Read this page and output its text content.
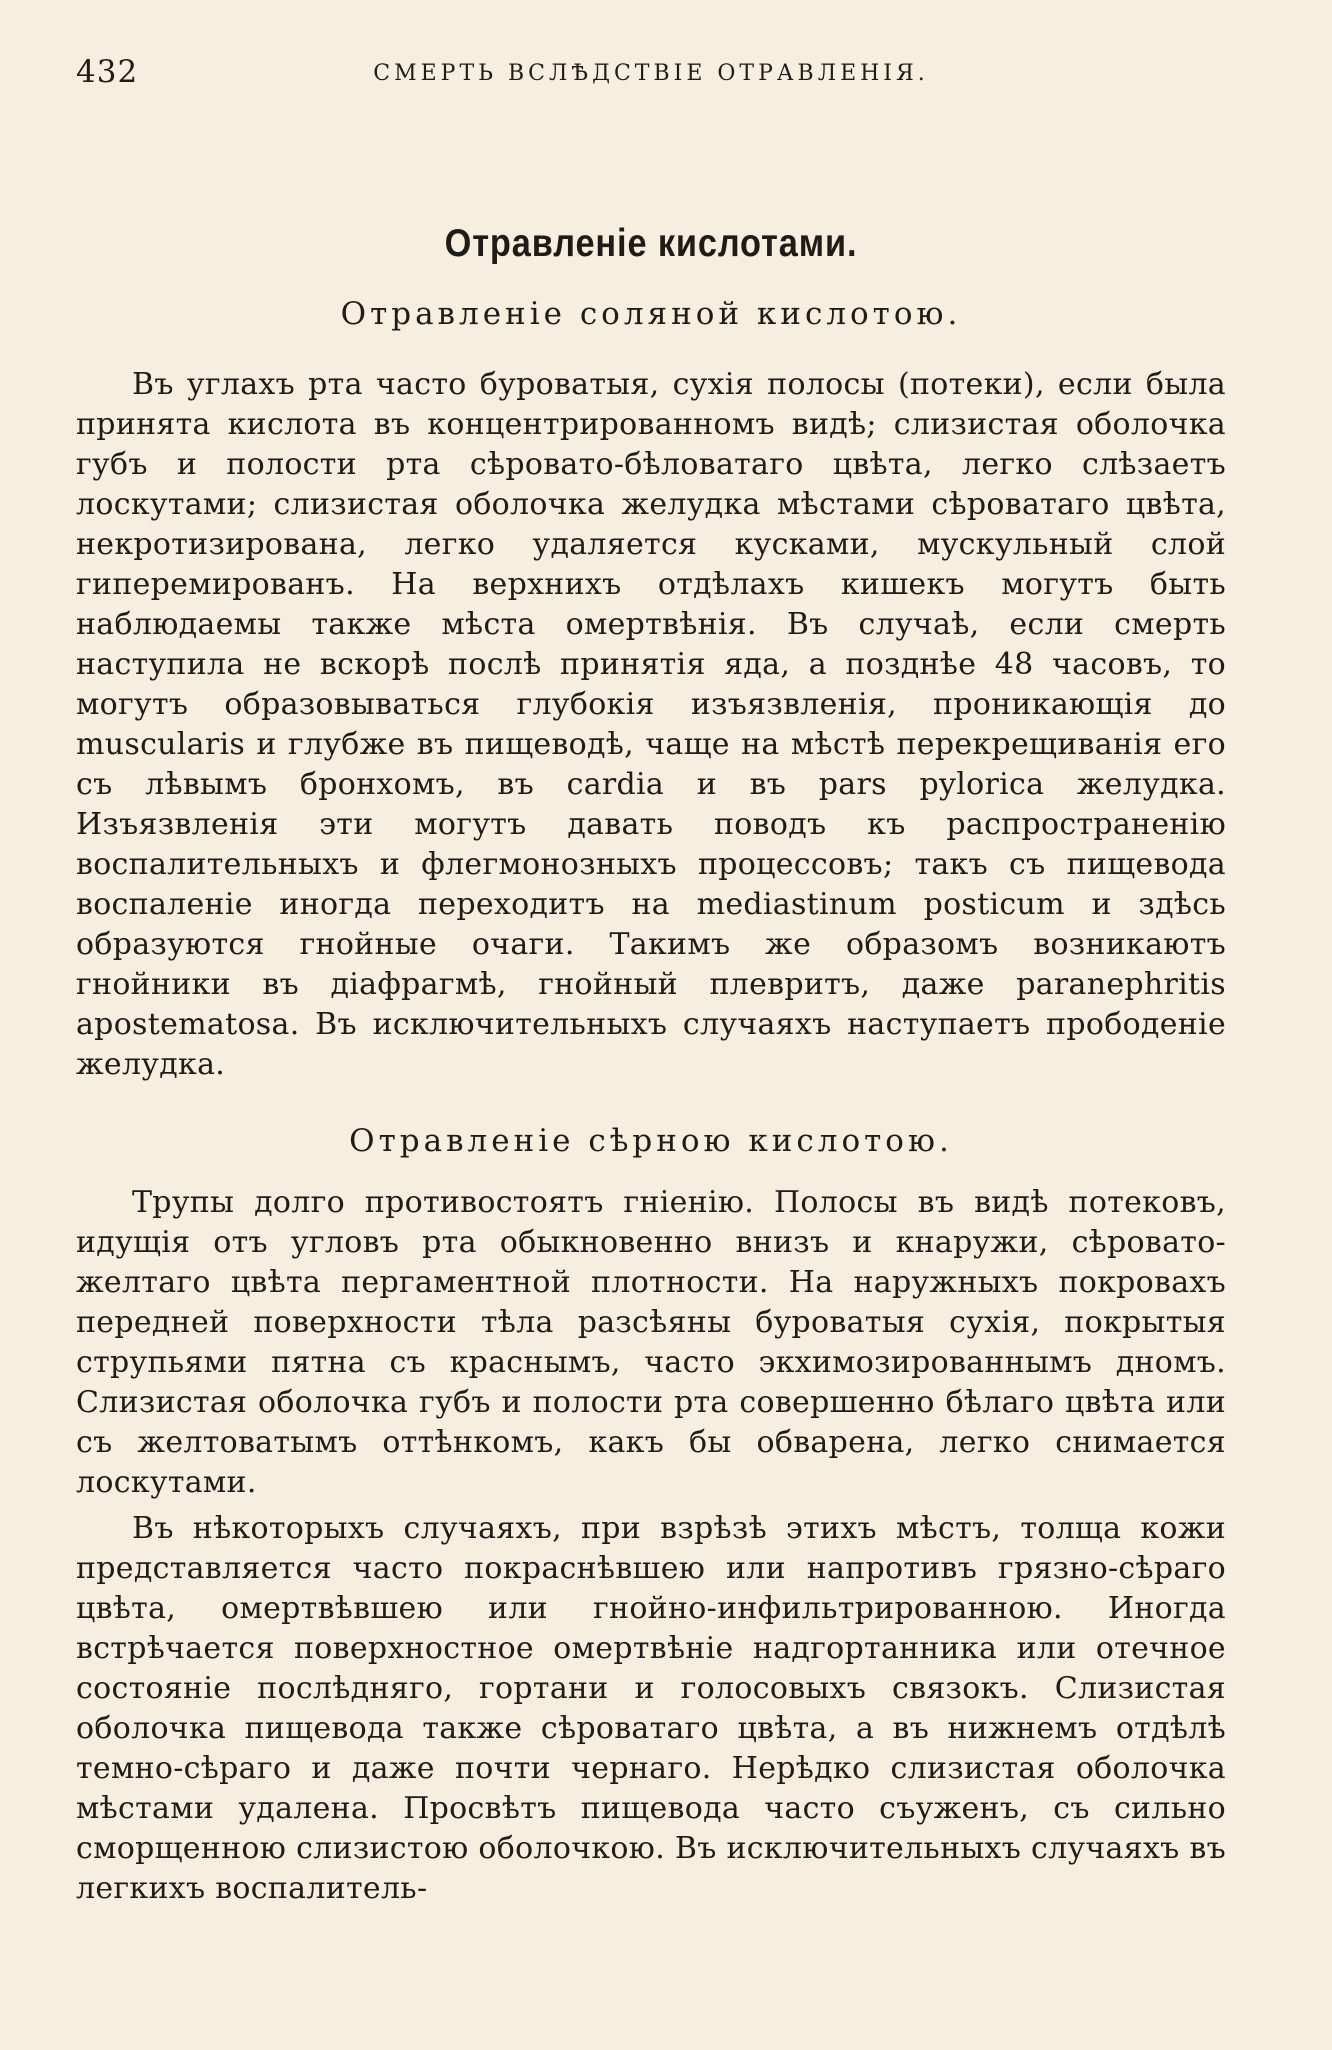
432	СМЕРТЬ ВСЛѢДСТВІЕ ОТРАВЛЕНІЯ.
Отравленіе кислотами.
Отравленіе соляной кислотою.

Въ углахъ рта часто буроватыя, сухія полосы (потеки), если была принята кислота въ концентрированномъ видѣ; слизистая оболочка губъ и полости рта сѣровато-бѣловатаго цвѣта, легко слѣзаетъ лоскутами; слизистая оболочка желудка мѣстами сѣроватаго цвѣта, некротизирована, легко удаляется кусками, мускульный слой гиперемированъ. На верхнихъ отдѣлахъ кишекъ могутъ быть наблюдаемы также мѣста омертвѣнія. Въ случаѣ, если смерть наступила не вскорѣ послѣ принятія яда, а позднѣе 48 часовъ, то могутъ образовываться глубокія изъязвленія, проникающія до muscularis и глубже въ пищеводѣ, чаще на мѣстѣ перекрещиванія его съ лѣвымъ бронхомъ, въ cardia и въ pars pylorica желудка. Изъязвленія эти могутъ давать поводъ къ распространенію воспалительныхъ и флегмонозныхъ процессовъ; такъ съ пищевода воспаленіе иногда переходитъ на mediastinum posticum и здѣсь образуются гнойные очаги. Такимъ же образомъ возникаютъ гнойники въ діафрагмѣ, гнойный плевритъ, даже paranephritis apostematosa. Въ исключительныхъ случаяхъ наступаетъ прободеніе желудка.

Отравленіе сѣрною кислотою.

Трупы долго противостоятъ гніенію. Полосы въ видѣ потековъ, идущія отъ угловъ рта обыкновенно внизъ и кнаружи, сѣровато-желтаго цвѣта пергаментной плотности. На наружныхъ покровахъ передней поверхности тѣла разсѣяны буроватыя сухія, покрытыя струпьями пятна съ краснымъ, часто экхимозированнымъ дномъ. Слизистая оболочка губъ и полости рта совершенно бѣлаго цвѣта или съ желтоватымъ оттѣнкомъ, какъ бы обварена, легко снимается лоскутами.

Въ нѣкоторыхъ случаяхъ, при взрѣзѣ этихъ мѣстъ, толща кожи представляется часто покраснѣвшею или напротивъ грязно-сѣраго цвѣта, омертвѣвшею или гнойно-инфильтрированною. Иногда встрѣчается поверхностное омертвѣніе надгортанника или отечное состояніе послѣдняго, гортани и голосовыхъ связокъ. Слизистая оболочка пищевода также сѣроватаго цвѣта, а въ нижнемъ отдѣлѣ темно-сѣраго и даже почти чернаго. Нерѣдко слизистая оболочка мѣстами удалена. Просвѣтъ пищевода часто съуженъ, съ сильно сморщенною слизистою оболочкою. Въ исключительныхъ случаяхъ въ легкихъ воспалитель-
